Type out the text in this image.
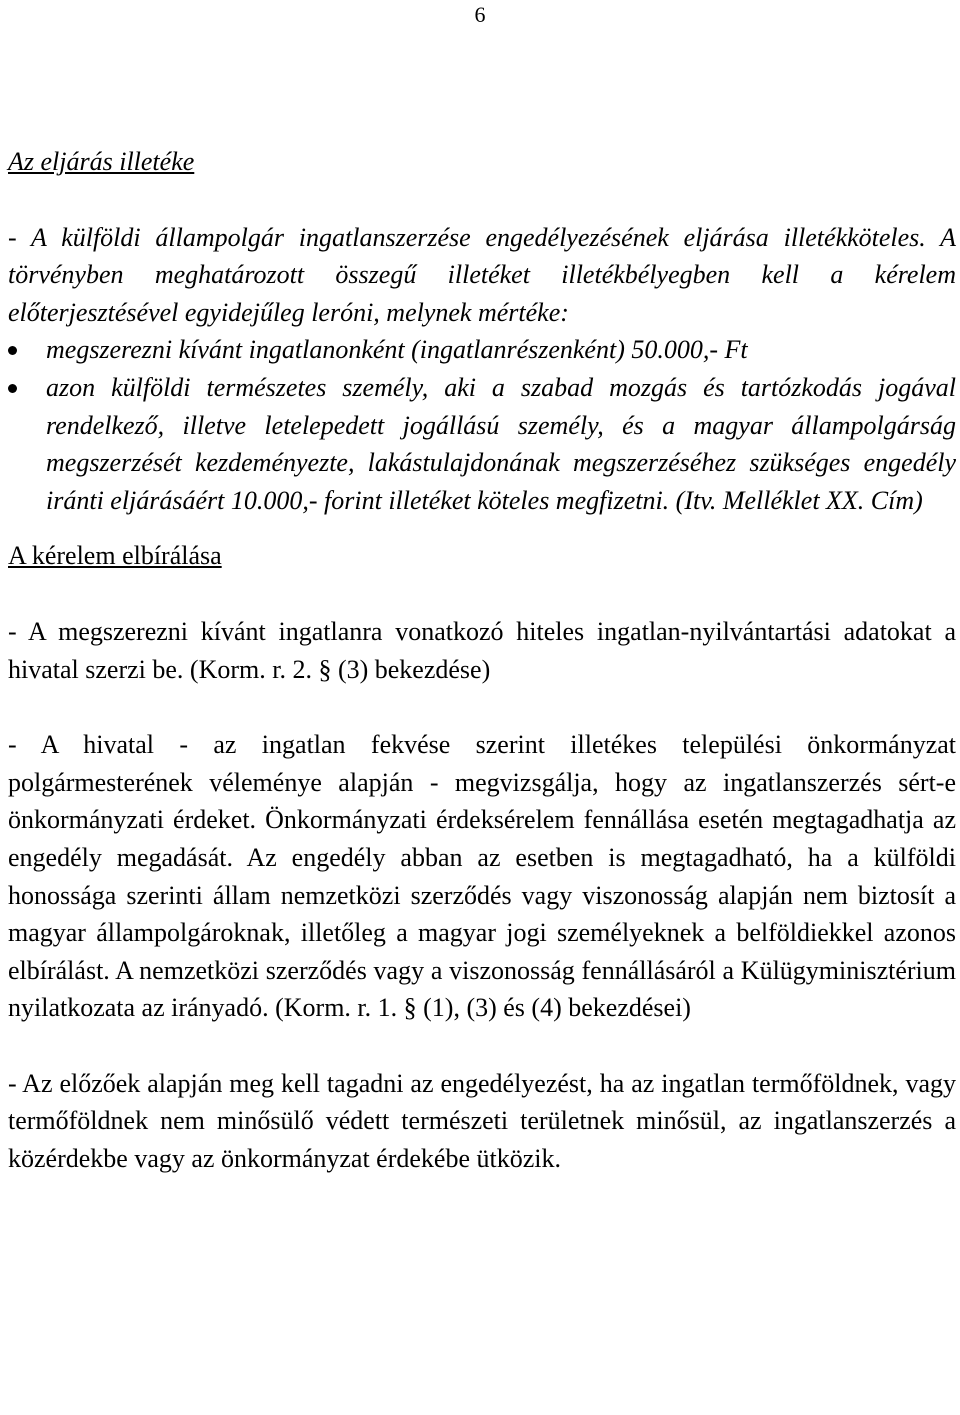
6

Az eljárás illetéke

- A külföldi állampolgár ingatlanszerzése engedélyezésének eljárása illetékköteles. A törvényben meghatározott összegű illetéket illetékbélyegben kell a kérelem előterjesztésével egyidejűleg leróni, melynek mértéke:

megszerezni kívánt ingatlanonként (ingatlanrészenként) 50.000,- Ft
azon külföldi természetes személy, aki a szabad mozgás és tartózkodás jogával rendelkező, illetve letelepedett jogállású személy, és a magyar állampolgárság megszerzését kezdeményezte, lakástulajdonának megszerzéséhez szükséges engedély iránti eljárásáért 10.000,- forint illetéket köteles megfizetni. (Itv. Melléklet XX. Cím)

A kérelem elbírálása

- A megszerezni kívánt ingatlanra vonatkozó hiteles ingatlan-nyilvántartási adatokat a hivatal szerzi be. (Korm. r. 2. § (3) bekezdése)

- A hivatal - az ingatlan fekvése szerint illetékes települési önkormányzat polgármesterének véleménye alapján - megvizsgálja, hogy az ingatlanszerzés sért-e önkormányzati érdeket. Önkormányzati érdeksérelem fennállása esetén megtagadhatja az engedély megadását. Az engedély abban az esetben is megtagadható, ha a külföldi honossága szerinti állam nemzetközi szerződés vagy viszonosság alapján nem biztosít a magyar állampolgároknak, illetőleg a magyar jogi személyeknek a belföldiekkel azonos elbírálást. A nemzetközi szerződés vagy a viszonosság fennállásáról a Külügyminisztérium nyilatkozata az irányadó. (Korm. r. 1. § (1), (3) és (4) bekezdései)

- Az előzőek alapján meg kell tagadni az engedélyezést, ha az ingatlan termőföldnek, vagy termőföldnek nem minősülő védett természeti területnek minősül, az ingatlanszerzés a közérdekbe vagy az önkormányzat érdekébe ütközik.
